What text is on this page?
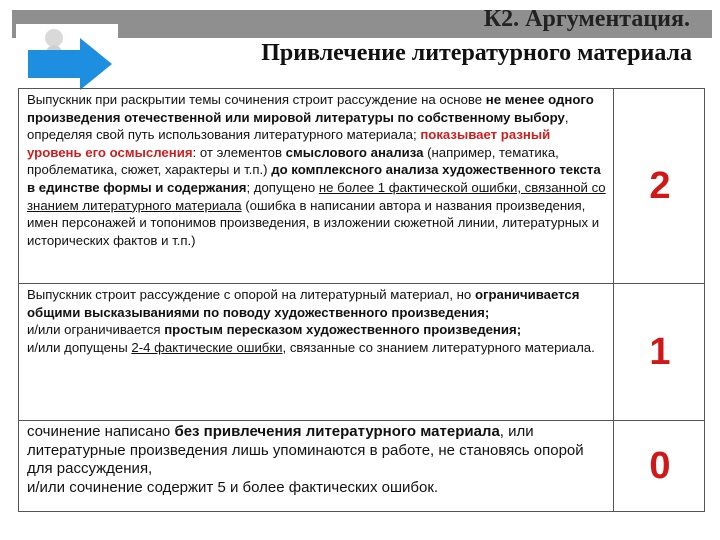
К2. Аргументация.
Привлечение литературного материала
Выпускник при раскрытии темы сочинения строит рассуждение на основе не менее одного произведения отечественной или мировой литературы по собственному выбору, определяя свой путь использования литературного материала; показывает разный уровень его осмысления: от элементов смыслового анализа (например, тематика, проблематика, сюжет, характеры и т.п.) до комплексного анализа художественного текста в единстве формы и содержания; допущено не более 1 фактической ошибки, связанной со знанием литературного материала (ошибка в написании автора и названия произведения, имен персонажей и топонимов произведения, в изложении сюжетной линии, литературных и исторических фактов и т.п.)	2
Выпускник строит рассуждение с опорой на литературный материал, но ограничивается общими высказываниями по поводу художественного произведения;
и/или ограничивается простым пересказом художественного произведения;
и/или допущены 2-4 фактические ошибки, связанные со знанием литературного материала.	1
сочинение написано без привлечения литературного материала, или литературные произведения лишь упоминаются в работе, не становясь опорой для рассуждения,
и/или сочинение содержит 5 и более фактических ошибок.	0
